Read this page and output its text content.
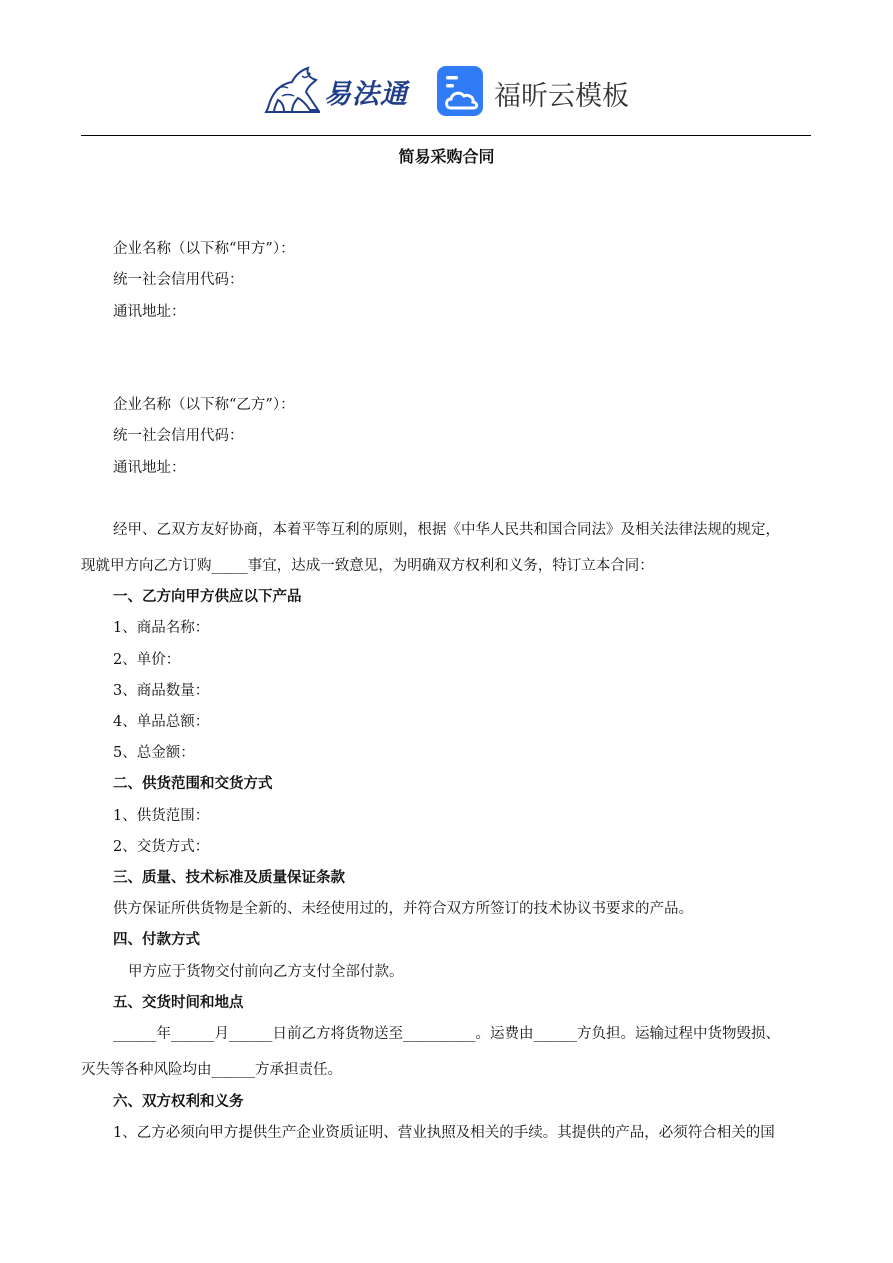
易法通	福昕云模板
简易采购合同
企业名称（以下称“甲方”）：
统一社会信用代码：
通讯地址：
企业名称（以下称“乙方”）：
统一社会信用代码：
通讯地址：
经甲、乙双方友好协商，本着平等互利的原则，根据《中华人民共和国合同法》及相关法律法规的规定，
现就甲方向乙方订购_____事宜，达成一致意见，为明确双方权利和义务，特订立本合同：
一、乙方向甲方供应以下产品
1、商品名称：
2、单价：
3、商品数量：
4、单品总额：
5、总金额：
二、供货范围和交货方式
1、供货范围：
2、交货方式：
三、质量、技术标准及质量保证条款
供方保证所供货物是全新的、未经使用过的，并符合双方所签订的技术协议书要求的产品。
四、付款方式
甲方应于货物交付前向乙方支付全部付款。
五、交货时间和地点
______年______月______日前乙方将货物送至__________。运费由______方负担。运输过程中货物毁损、
灭失等各种风险均由______方承担责任。
六、双方权利和义务
1、乙方必须向甲方提供生产企业资质证明、营业执照及相关的手续。其提供的产品，必须符合相关的国
